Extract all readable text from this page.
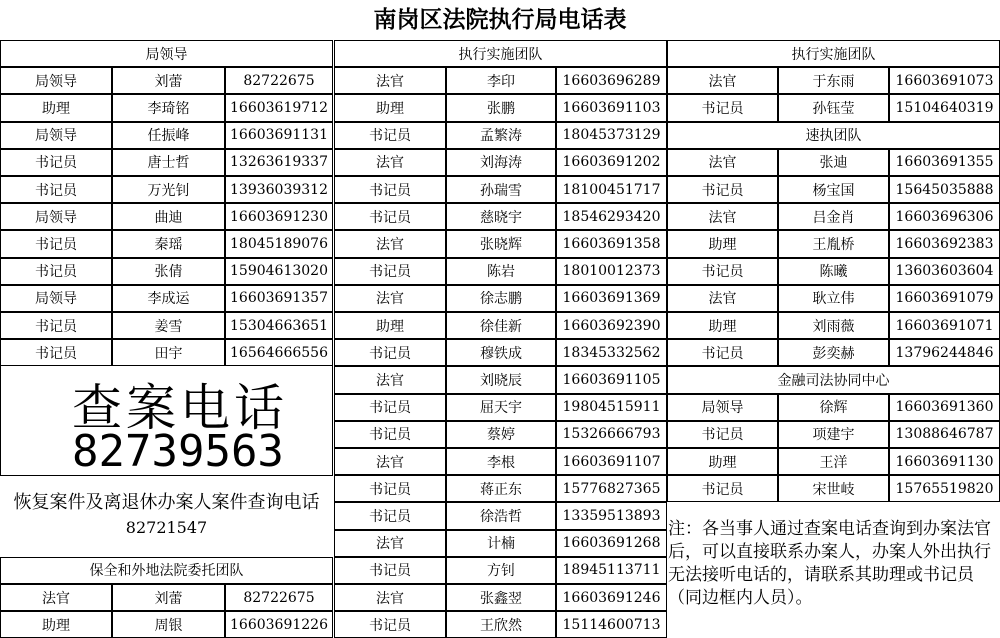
南岗区法院执行局电话表
局领导
局领导	刘蕾	82722675
助理	李琦铭	16603619712
局领导	任振峰	16603691131
书记员	唐士哲	13263619337
书记员	万光钊	13936039312
局领导	曲迪	16603691230
书记员	秦瑶	18045189076
书记员	张倩	15904613020
局领导	李成运	16603691357
书记员	姜雪	15304663651
书记员	田宇	16564666556
执行实施团队
法官	李印	16603696289
助理	张鹏	16603691103
书记员	孟繁涛	18045373129
法官	刘海涛	16603691202
书记员	孙瑞雪	18100451717
书记员	慈晓宇	18546293420
法官	张晓辉	16603691358
书记员	陈岩	18010012373
法官	徐志鹏	16603691369
助理	徐佳新	16603692390
书记员	穆铁成	18345332562
法官	刘晓辰	16603691105
书记员	屈天宇	19804515911
书记员	蔡婷	15326666793
法官	李根	16603691107
书记员	蒋正东	15776827365
书记员	徐浩哲	13359513893
法官	计楠	16603691268
书记员	方钊	18945113711
法官	张鑫翌	16603691246
书记员	王欣然	15114600713
执行实施团队
法官	于东雨	16603691073
书记员	孙钰莹	15104640319
速执团队
法官	张迪	16603691355
书记员	杨宝国	15645035888
法官	吕金肖	16603696306
助理	王胤桥	16603692383
书记员	陈曦	13603603604
法官	耿立伟	16603691079
助理	刘雨薇	16603691071
书记员	彭奕赫	13796244846
金融司法协同中心
局领导	徐辉	16603691360
书记员	项建宇	13088646787
助理	王洋	16603691130
书记员	宋世岐	15765519820
保全和外地法院委托团队
法官	刘蕾	82722675
助理	周银	16603691226
查案电话
82739563
恢复案件及离退休办案人案件查询电话
82721547	注：各当事人通过查案电话查询到办案法官后，可以直接联系办案人，办案人外出执行无法接听电话的，请联系其助理或书记员（同边框内人员）。
